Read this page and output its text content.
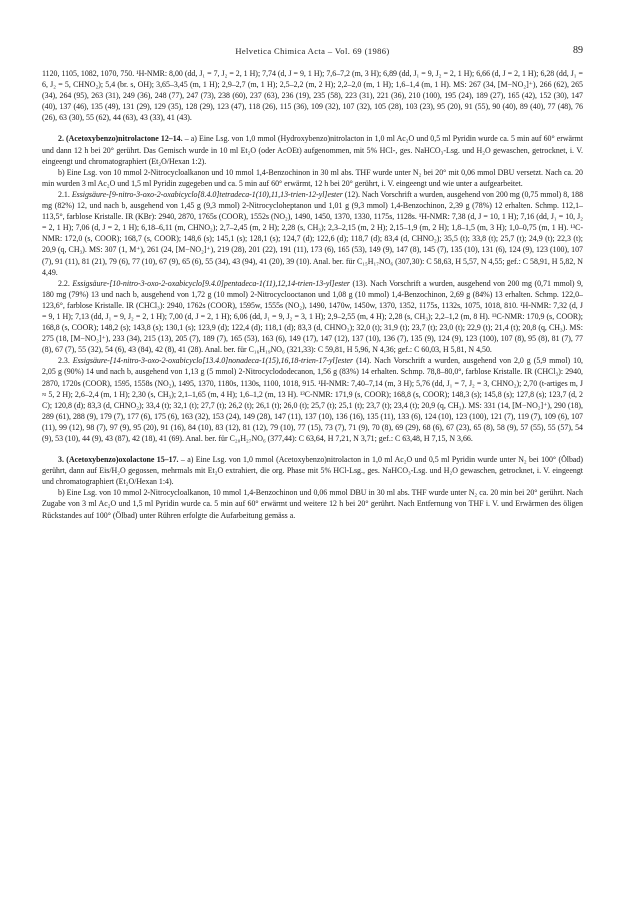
Helvetica Chimica Acta – Vol. 69 (1986)	89

1120, 1105, 1082, 1070, 750. ¹H-NMR: 8,00 (dd, J₁ = 7, J₂ = 2, 1 H); 7,74 (d, J = 9, 1 H); 7,6–7,2 (m, 3 H); 6,89 (dd, J₁ = 9, J₂ = 2, 1 H); 6,66 (d, J = 2, 1 H); 6,28 (dd, J₁ = 6, J₂ = 5, CHNO₂); 5,4 (br. s, OH); 3,65–3,45 (m, 1 H); 2,9–2,7 (m, 1 H); 2,5–2,2 (m, 2 H); 2,2–2,0 (m, 1 H); 1,6–1,4 (m, 1 H). MS: 267 (34, [M−NO₂]⁺), 266 (62), 265 (34), 264 (95), 263 (31), 249 (36), 248 (77), 247 (73), 238 (60), 237 (63), 236 (19), 235 (58), 223 (31), 221 (36), 210 (100), 195 (24), 189 (27), 165 (42), 152 (30), 147 (40), 137 (46), 135 (49), 131 (29), 129 (35), 128 (29), 123 (47), 118 (26), 115 (36), 109 (32), 107 (32), 105 (28), 103 (23), 95 (20), 91 (55), 90 (40), 89 (40), 77 (48), 76 (26), 63 (30), 55 (62), 44 (63), 43 (33), 41 (43).

2. (Acetoxybenzo)nitrolactone 12–14. – a) Eine Lsg. von 1,0 mmol (Hydroxybenzo)nitrolacton in 1,0 ml Ac₂O und 0,5 ml Pyridin wurde ca. 5 min auf 60° erwärmt und dann 12 h bei 20° gerührt. Das Gemisch wurde in 10 ml Et₂O (oder AcOEt) aufgenommen, mit 5% HCl-, ges. NaHCO₃-Lsg. und H₂O gewaschen, getrocknet, i. V. eingeengt und chromatographiert (Et₂O/Hexan 1:2).

b) Eine Lsg. von 10 mmol 2-Nitrocycloalkanon und 10 mmol 1,4-Benzochinon in 30 ml abs. THF wurde unter N₂ bei 20° mit 0,06 mmol DBU versetzt. Nach ca. 20 min wurden 3 ml Ac₂O und 1,5 ml Pyridin zugegeben und ca. 5 min auf 60° erwärmt, 12 h bei 20° gerührt, i. V. eingeengt und wie unter a aufgearbeitet.

2.1. Essigsäure-[9-nitro-3-oxo-2-oxabicyclo[8.4.0]tetradeca-1(10),11,13-trien-12-yl]ester (12). Nach Vorschrift a wurden, ausgehend von 200 mg (0,75 mmol) 8, 188 mg (82%) 12, und nach b, ausgehend von 1,45 g (9,3 mmol) 2-Nitrocycloheptanon und 1,01 g (9,3 mmol) 1,4-Benzochinon, 2,39 g (78%) 12 erhalten. Schmp. 112,1–113,5°, farblose Kristalle. IR (KBr): 2940, 2870, 1765s (COOR), 1552s (NO₂), 1490, 1450, 1370, 1330, 1175s, 1128s. ¹H-NMR: 7,38 (d, J = 10, 1 H); 7,16 (dd, J₁ = 10, J₂ = 2, 1 H); 7,06 (d, J = 2, 1 H); 6,18–6,11 (m, CHNO₂); 2,7–2,45 (m, 2 H); 2,28 (s, CH₃); 2,3–2,15 (m, 2 H); 2,15–1,9 (m, 2 H); 1,8–1,5 (m, 3 H); 1,0–0,75 (m, 1 H). ¹³C-NMR: 172,0 (s, COOR); 168,7 (s, COOR); 148,6 (s); 145,1 (s); 128,1 (s); 124,7 (d); 122,6 (d); 118,7 (d); 83,4 (d, CHNO₂); 35,5 (t); 33,8 (t); 25,7 (t); 24,9 (t); 22,3 (t); 20,9 (q, CH₃). MS: 307 (1, M⁺), 261 (24, [M−NO₂]⁺), 219 (28), 201 (22), 191 (11), 173 (6), 165 (53), 149 (9), 147 (8), 145 (7), 135 (10), 131 (6), 124 (9), 123 (100), 107 (7), 91 (11), 81 (21), 79 (6), 77 (10), 67 (9), 65 (6), 55 (34), 43 (94), 41 (20), 39 (10). Anal. ber. für C₁₅H₁₇NO₆ (307,30): C 58,63, H 5,57, N 4,55; gef.: C 58,91, H 5,82, N 4,49.

2.2. Essigsäure-[10-nitro-3-oxo-2-oxabicyclo[9.4.0]pentadeca-1(11),12,14-trien-13-yl]ester (13). Nach Vorschrift a wurden, ausgehend von 200 mg (0,71 mmol) 9, 180 mg (79%) 13 und nach b, ausgehend von 1,72 g (10 mmol) 2-Nitrocyclooctanon und 1,08 g (10 mmol) 1,4-Benzochinon, 2,69 g (84%) 13 erhalten. Schmp. 122,0–123,6°, farblose Kristalle. IR (CHCl₃): 2940, 1762s (COOR), 1595w, 1555s (NO₂), 1490, 1470w, 1450w, 1370, 1352, 1175s, 1132s, 1075, 1018, 810. ¹H-NMR: 7,32 (d, J = 9, 1 H); 7,13 (dd, J₁ = 9, J₂ = 2, 1 H); 7,00 (d, J = 2, 1 H); 6,06 (dd, J₁ = 9, J₂ = 3, 1 H); 2,9–2,55 (m, 4 H); 2,28 (s, CH₃); 2,2–1,2 (m, 8 H). ¹³C-NMR: 170,9 (s, COOR); 168,8 (s, COOR); 148,2 (s); 143,8 (s); 130,1 (s); 123,9 (d); 122,4 (d); 118,1 (d); 83,3 (d, CHNO₂); 32,0 (t); 31,9 (t); 23,7 (t); 23,0 (t); 22,9 (t); 21,4 (t); 20,8 (q, CH₃). MS: 275 (18, [M−NO₂]⁺), 233 (34), 215 (13), 205 (7), 189 (7), 165 (53), 163 (6), 149 (17), 147 (12), 137 (10), 136 (7), 135 (9), 124 (9), 123 (100), 107 (8), 95 (8), 81 (7), 77 (8), 67 (7), 55 (32), 54 (6), 43 (84), 42 (8), 41 (28). Anal. ber. für C₁₆H₁₉NO₆ (321,33): C 59,81, H 5,96, N 4,36; gef.: C 60,03, H 5,81, N 4,50.

2.3. Essigsäure-[14-nitro-3-oxo-2-oxabicyclo[13.4.0]nonadeca-1(15),16,18-trien-17-yl]ester (14). Nach Vorschrift a wurden, ausgehend von 2,0 g (5,9 mmol) 10, 2,05 g (90%) 14 und nach b, ausgehend von 1,13 g (5 mmol) 2-Nitrocyclododecanon, 1,56 g (83%) 14 erhalten. Schmp. 78,8–80,0°, farblose Kristalle. IR (CHCl₃): 2940, 2870, 1720s (COOR), 1595, 1558s (NO₂), 1495, 1370, 1180s, 1130s, 1100, 1018, 915. ¹H-NMR: 7,40–7,14 (m, 3 H); 5,76 (dd, J₁ = 7, J₂ = 3, CHNO₂); 2,70 (t-artiges m, J ≈ 5, 2 H); 2,6–2,4 (m, 1 H); 2,30 (s, CH₃); 2,1–1,65 (m, 4 H); 1,6–1,2 (m, 13 H). ¹³C-NMR: 171,9 (s, COOR); 168,8 (s, COOR); 148,3 (s); 145,8 (s); 127,8 (s); 123,7 (d, 2 C); 120,8 (d); 83,3 (d, CHNO₂); 33,4 (t); 32,1 (t); 27,7 (t); 26,2 (t); 26,1 (t); 26,0 (t); 25,7 (t); 25,1 (t); 23,7 (t); 23,4 (t); 20,9 (q, CH₃). MS: 331 (14, [M−NO₂]⁺), 290 (18), 289 (61), 288 (9), 179 (7), 177 (6), 175 (6), 163 (32), 153 (24), 149 (28), 147 (11), 137 (10), 136 (16), 135 (11), 133 (6), 124 (10), 123 (100), 121 (7), 119 (7), 109 (6), 107 (11), 99 (12), 98 (7), 97 (9), 95 (20), 91 (16), 84 (10), 83 (12), 81 (12), 79 (10), 77 (15), 73 (7), 71 (9), 70 (8), 69 (29), 68 (6), 67 (23), 65 (8), 58 (9), 57 (55), 55 (57), 54 (9), 53 (10), 44 (9), 43 (87), 42 (18), 41 (69). Anal. ber. für C₂₀H₂₇NO₆ (377,44): C 63,64, H 7,21, N 3,71; gef.: C 63,48, H 7,15, N 3,66.

3. (Acetoxybenzo)oxolactone 15–17. – a) Eine Lsg. von 1,0 mmol (Acetoxybenzo)nitrolacton in 1,0 ml Ac₂O und 0,5 ml Pyridin wurde unter N₂ bei 100° (Ölbad) gerührt, dann auf Eis/H₂O gegossen, mehrmals mit Et₂O extrahiert, die org. Phase mit 5% HCl-Lsg., ges. NaHCO₃-Lsg. und H₂O gewaschen, getrocknet, i. V. eingeengt und chromatographiert (Et₂O/Hexan 1:4).

b) Eine Lsg. von 10 mmol 2-Nitrocycloalkanon, 10 mmol 1,4-Benzochinon und 0,06 mmol DBU in 30 ml abs. THF wurde unter N₂ ca. 20 min bei 20° gerührt. Nach Zugabe von 3 ml Ac₂O und 1,5 ml Pyridin wurde ca. 5 min auf 60° erwärmt und weitere 12 h bei 20° gerührt. Nach Entfernung von THF i. V. und Erwärmen des öligen Rückstandes auf 100° (Ölbad) unter Rühren erfolgte die Aufarbeitung gemäss a.
